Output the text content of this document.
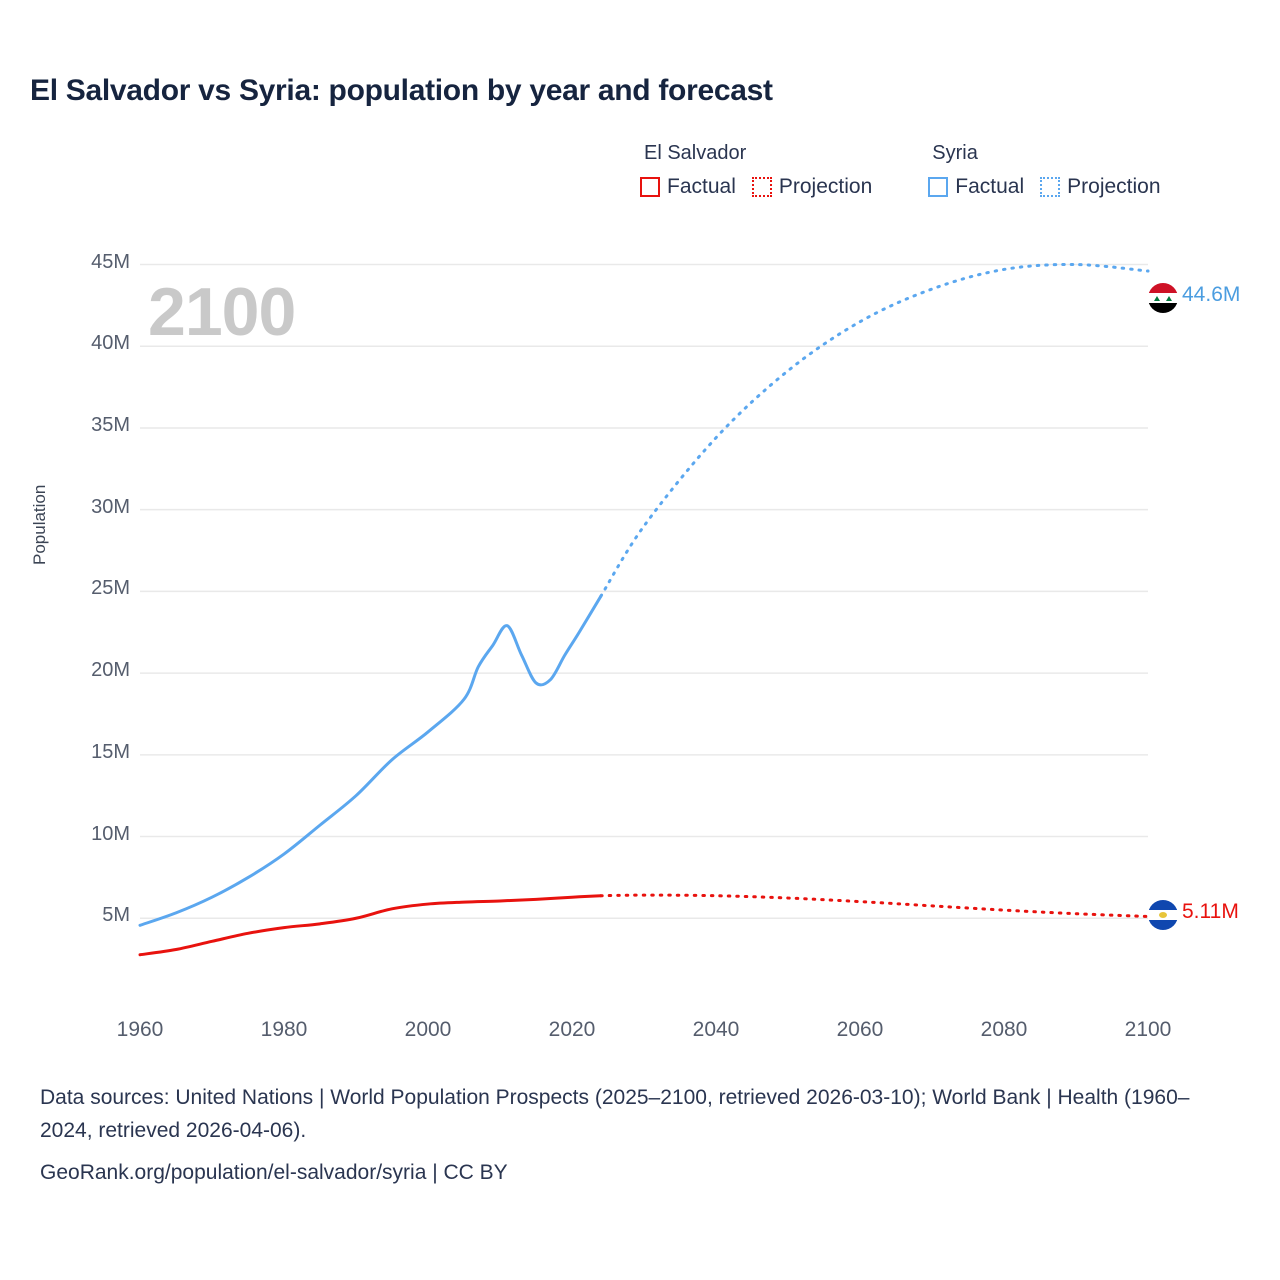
El Salvador vs Syria: population by year and forecast
El Salvador
Factual Projection
Syria
Factual Projection
2100
Population
5M
10M
15M
20M
25M
30M
35M
40M
45M
1960	1980	2000	2020	2040	2060	2080	2100
44.6M
5.11M
Data sources: United Nations | World Population Prospects (2025–2100, retrieved 2026-03-10); World Bank | Health (1960–2024, retrieved 2026-04-06).
GeoRank.org/population/el-salvador/syria | CC BY
